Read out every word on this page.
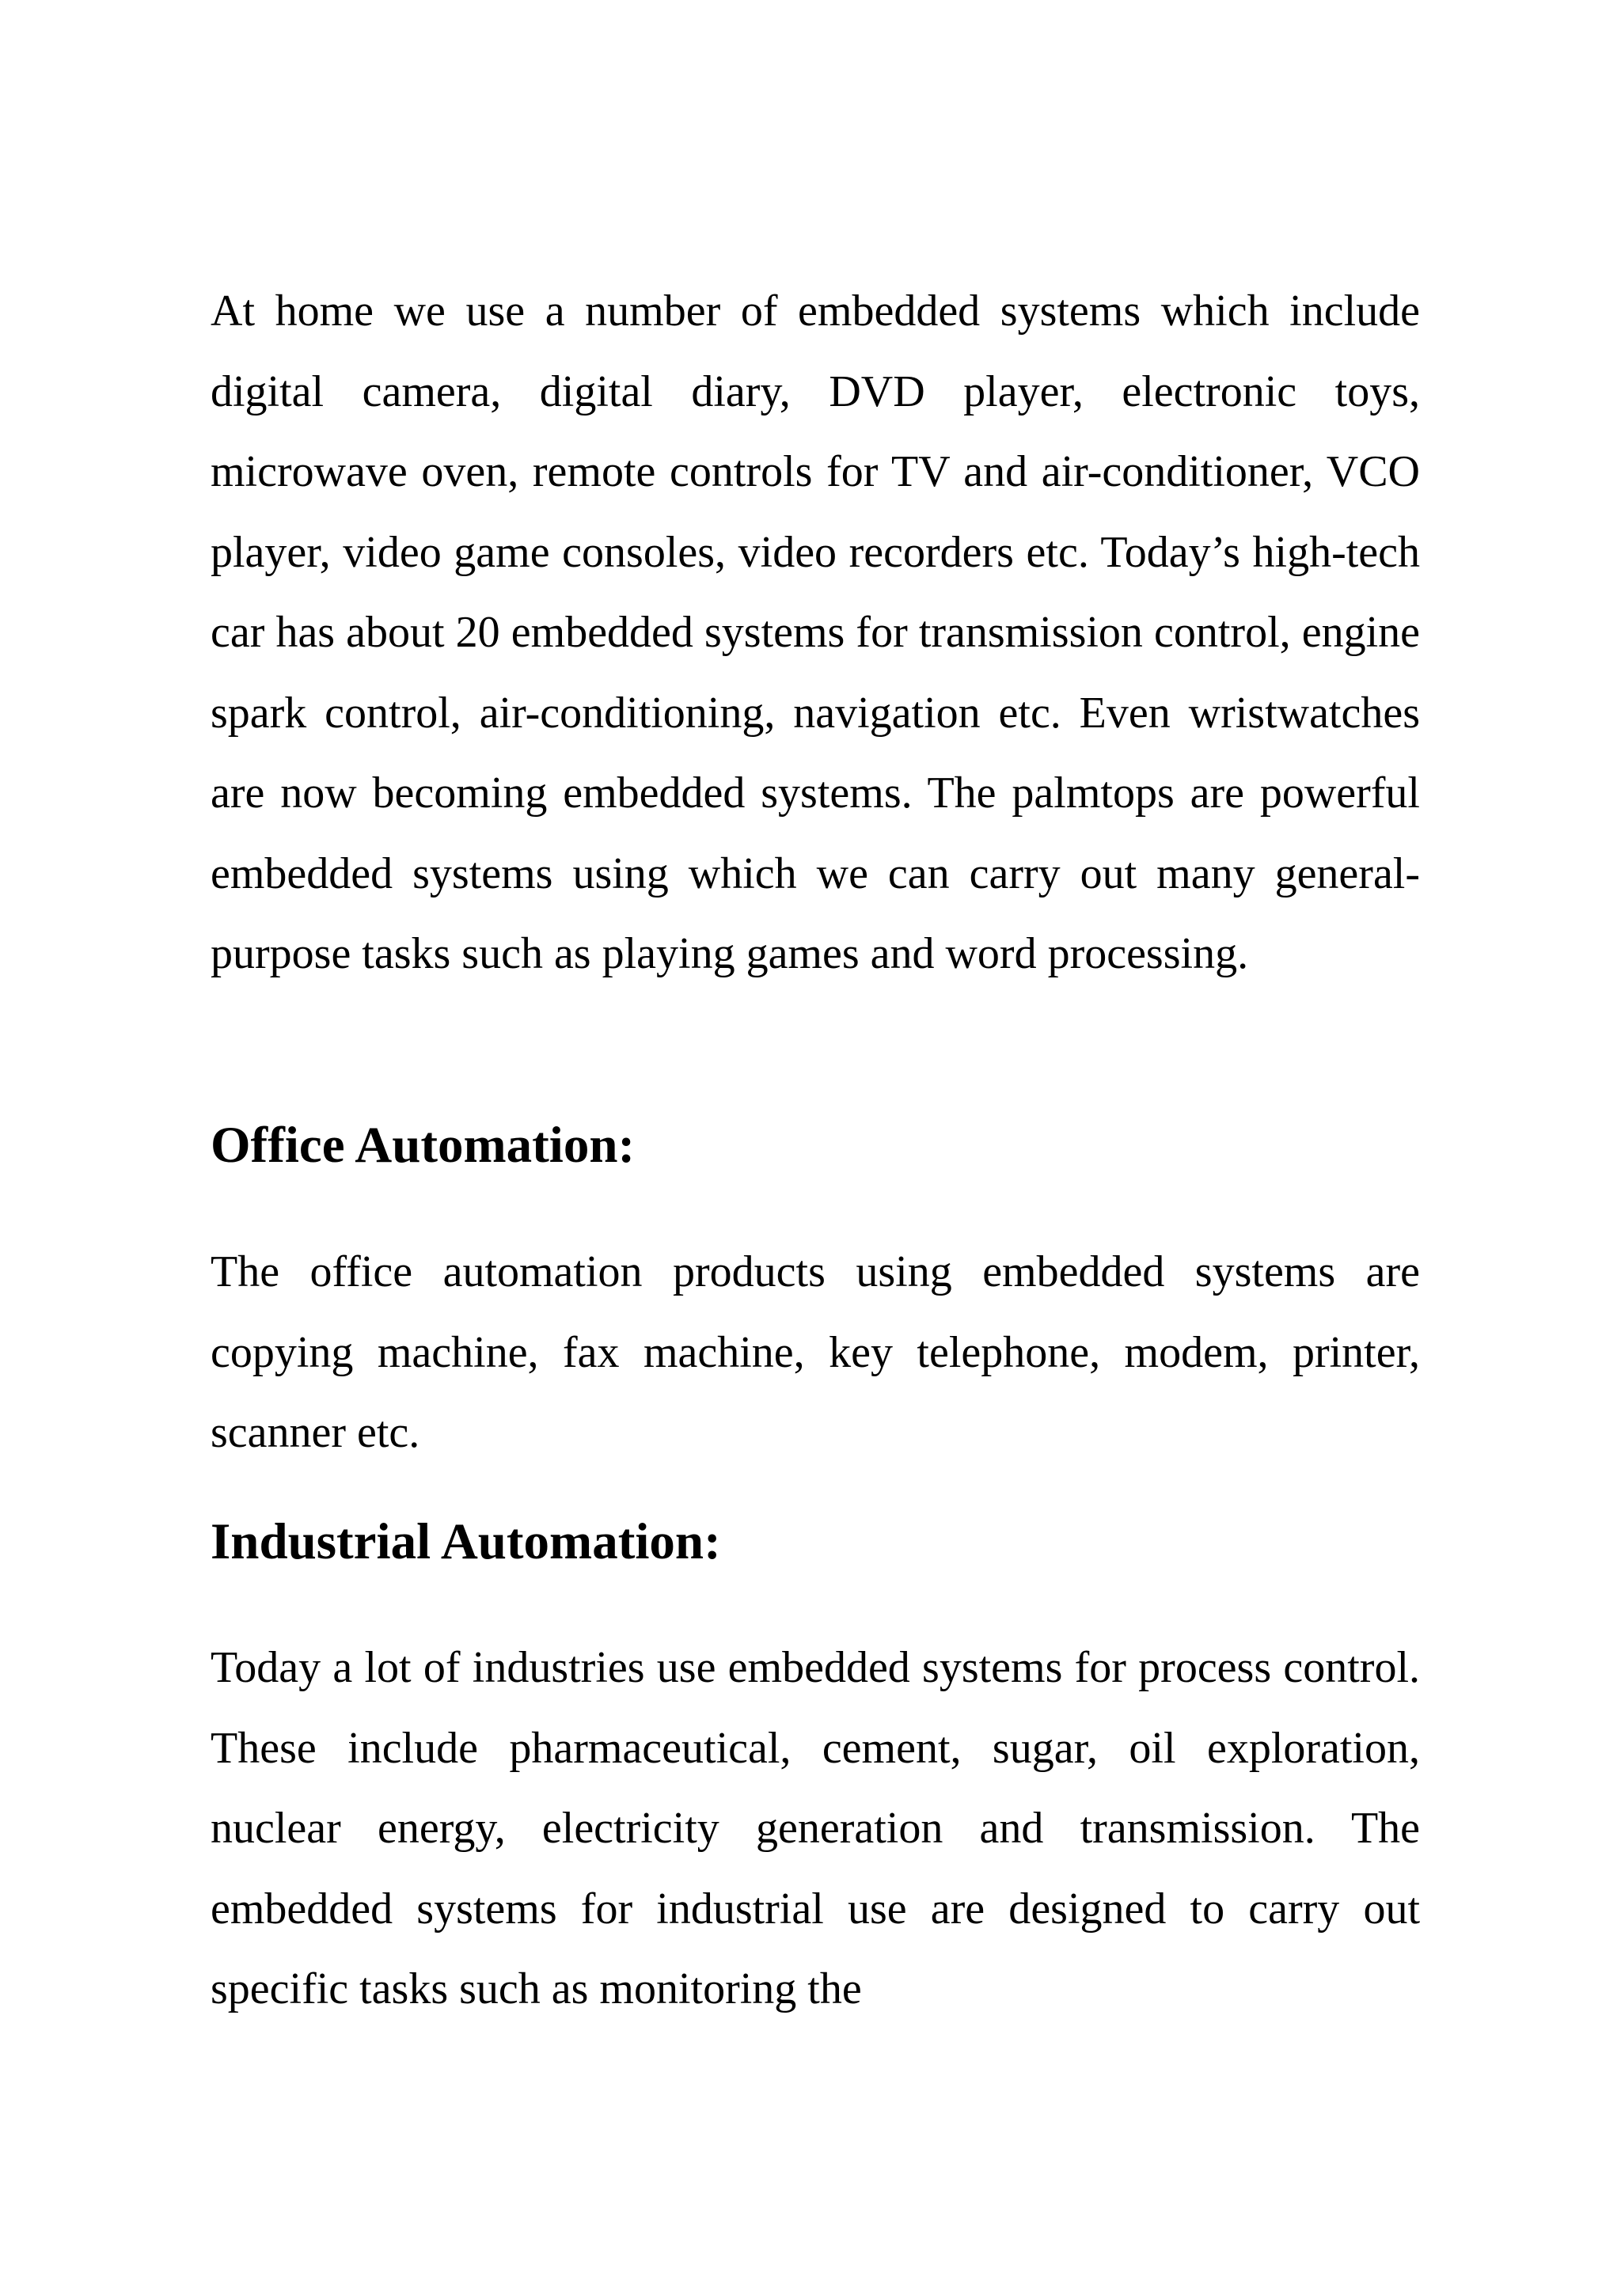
At home we use a number of embedded systems which include digital camera, digital diary, DVD player, electronic toys, microwave oven, remote controls for TV and air-conditioner, VCO player, video game consoles, video recorders etc. Today’s high-tech car has about 20 embedded systems for transmission control, engine spark control, air-conditioning, navigation etc. Even wristwatches are now becoming embedded systems. The palmtops are powerful embedded systems using which we can carry out many general-purpose tasks such as playing games and word processing.

Office Automation:

The office automation products using embedded systems are copying machine, fax machine, key telephone, modem, printer, scanner etc.

Industrial Automation:

Today a lot of industries use embedded systems for process control. These include pharmaceutical, cement, sugar, oil exploration, nuclear energy, electricity generation and transmission. The embedded systems for industrial use are designed to carry out specific tasks such as monitoring the
